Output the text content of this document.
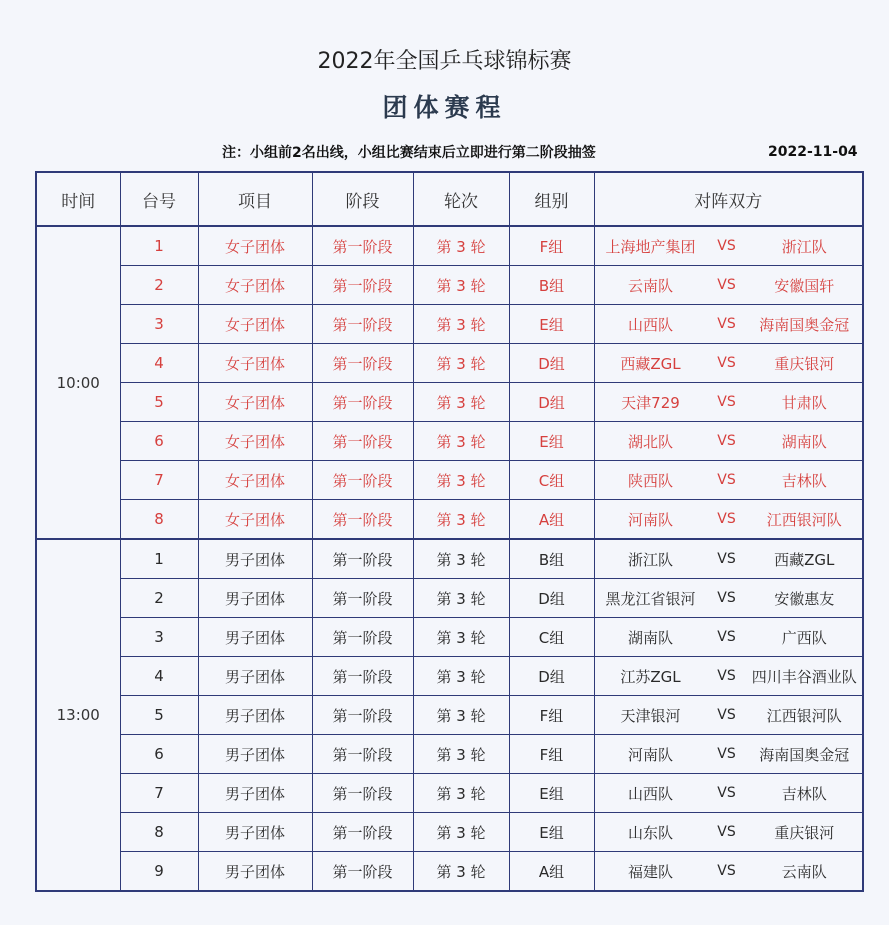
2022年全国乒乓球锦标赛
团体赛程
注：小组前2名出线，小组比赛结束后立即进行第二阶段抽签	2022-11-04
时间	台号	项目	阶段	轮次	组别	对阵双方
10:00	1	女子团体	第一阶段	第 3 轮	F组	上海地产集团 VS 浙江队

	2	女子团体	第一阶段	第 3 轮	B组	云南队 VS 安徽国轩

	3	女子团体	第一阶段	第 3 轮	E组	山西队 VS 海南国奥金冠

	4	女子团体	第一阶段	第 3 轮	D组	西藏ZGL VS 重庆银河

	5	女子团体	第一阶段	第 3 轮	D组	天津729 VS 甘肃队

	6	女子团体	第一阶段	第 3 轮	E组	湖北队 VS 湖南队

	7	女子团体	第一阶段	第 3 轮	C组	陕西队 VS 吉林队

	8	女子团体	第一阶段	第 3 轮	A组	河南队 VS 江西银河队

13:00	1	男子团体	第一阶段	第 3 轮	B组	浙江队 VS 西藏ZGL

	2	男子团体	第一阶段	第 3 轮	D组	黑龙江省银河 VS 安徽惠友

	3	男子团体	第一阶段	第 3 轮	C组	湖南队 VS 广西队

	4	男子团体	第一阶段	第 3 轮	D组	江苏ZGL VS 四川丰谷酒业队

	5	男子团体	第一阶段	第 3 轮	F组	天津银河 VS 江西银河队

	6	男子团体	第一阶段	第 3 轮	F组	河南队 VS 海南国奥金冠

	7	男子团体	第一阶段	第 3 轮	E组	山西队 VS 吉林队

	8	男子团体	第一阶段	第 3 轮	E组	山东队 VS 重庆银河

	9	男子团体	第一阶段	第 3 轮	A组	福建队 VS 云南队
